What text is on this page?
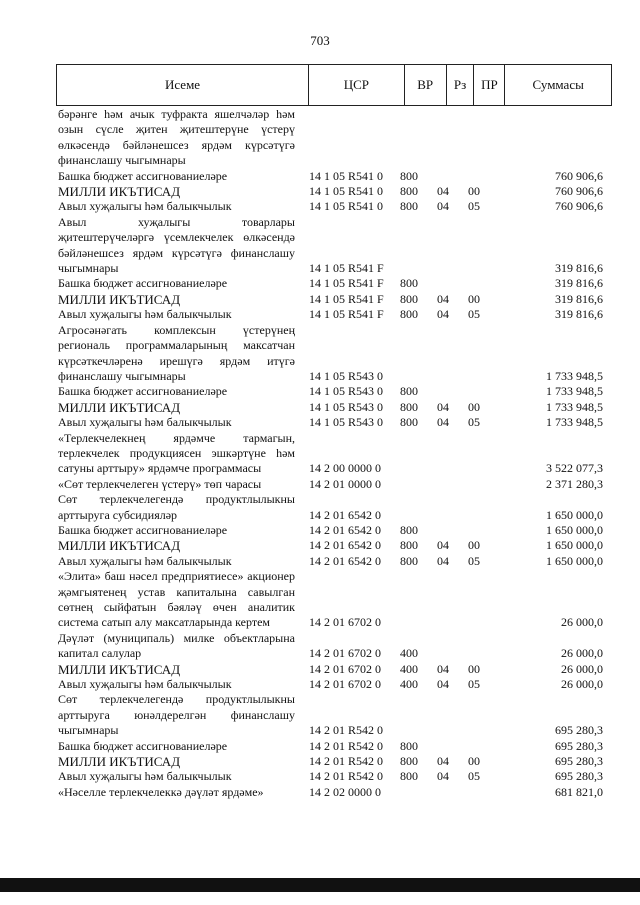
703
Исеме	ЦСР	ВР	Рз	ПР	Суммасы
бәрәнге һәм ачык туфракта яшелчәләр һәм озын сүсле җитен җитештерүне үстерү өлкәсендә бәйләнешсез ярдәм күрсәтүгә финанслашу чыгымнары
Башка бюджет ассигнованиеләре	14 1 05 R541 0	800	760 906,6
МИЛЛИ ИКЪТИСАД	14 1 05 R541 0	800	04	00	760 906,6
Авыл хуҗалыгы һәм балыкчылык	14 1 05 R541 0	800	04	05	760 906,6
Авыл хуҗалыгы товарлары җитештерүчеләргә үсемлекчелек өлкәсендә бәйләнешсез ярдәм күрсәтүгә финанслашу чыгымнары	14 1 05 R541 F	319 816,6
Башка бюджет ассигнованиеләре	14 1 05 R541 F	800	319 816,6
МИЛЛИ ИКЪТИСАД	14 1 05 R541 F	800	04	00	319 816,6
Авыл хуҗалыгы һәм балыкчылык	14 1 05 R541 F	800	04	05	319 816,6
Агросәнәгать комплексын үстерүнең региональ программаларының максатчан күрсәткечләренә ирешүгә ярдәм итүгә финанслашу чыгымнары	14 1 05 R543 0	1 733 948,5
Башка бюджет ассигнованиеләре	14 1 05 R543 0	800	1 733 948,5
МИЛЛИ ИКЪТИСАД	14 1 05 R543 0	800	04	00	1 733 948,5
Авыл хуҗалыгы һәм балыкчылык	14 1 05 R543 0	800	04	05	1 733 948,5
«Терлекчелекнең ярдәмче тармагын, терлекчелек продукциясен эшкәртүне һәм сатуны арттыру» ярдәмче программасы	14 2 00 0000 0	3 522 077,3
«Сөт терлекчелеген үстерү» төп чарасы	14 2 01 0000 0	2 371 280,3
Сөт терлекчелегендә продуктлылыкны арттыруга субсидияләр	14 2 01 6542 0	1 650 000,0
Башка бюджет ассигнованиеләре	14 2 01 6542 0	800	1 650 000,0
МИЛЛИ ИКЪТИСАД	14 2 01 6542 0	800	04	00	1 650 000,0
Авыл хуҗалыгы һәм балыкчылык	14 2 01 6542 0	800	04	05	1 650 000,0
«Элита» баш нәсел предприятиесе» акционер җәмгыятенең устав капиталына савылган сөтнең сыйфатын бәяләү өчен аналитик система сатып алу максатларында кертем	14 2 01 6702 0	26 000,0
Дәүләт (муниципаль) милке объектларына капитал салулар	14 2 01 6702 0	400	26 000,0
МИЛЛИ ИКЪТИСАД	14 2 01 6702 0	400	04	00	26 000,0
Авыл хуҗалыгы һәм балыкчылык	14 2 01 6702 0	400	04	05	26 000,0
Сөт терлекчелегендә продуктлылыкны арттыруга юнәлдерелгән финанслашу чыгымнары	14 2 01 R542 0	695 280,3
Башка бюджет ассигнованиеләре	14 2 01 R542 0	800	695 280,3
МИЛЛИ ИКЪТИСАД	14 2 01 R542 0	800	04	00	695 280,3
Авыл хуҗалыгы һәм балыкчылык	14 2 01 R542 0	800	04	05	695 280,3
«Нәселле терлекчелеккә дәүләт ярдәме»	14 2 02 0000 0	681 821,0
